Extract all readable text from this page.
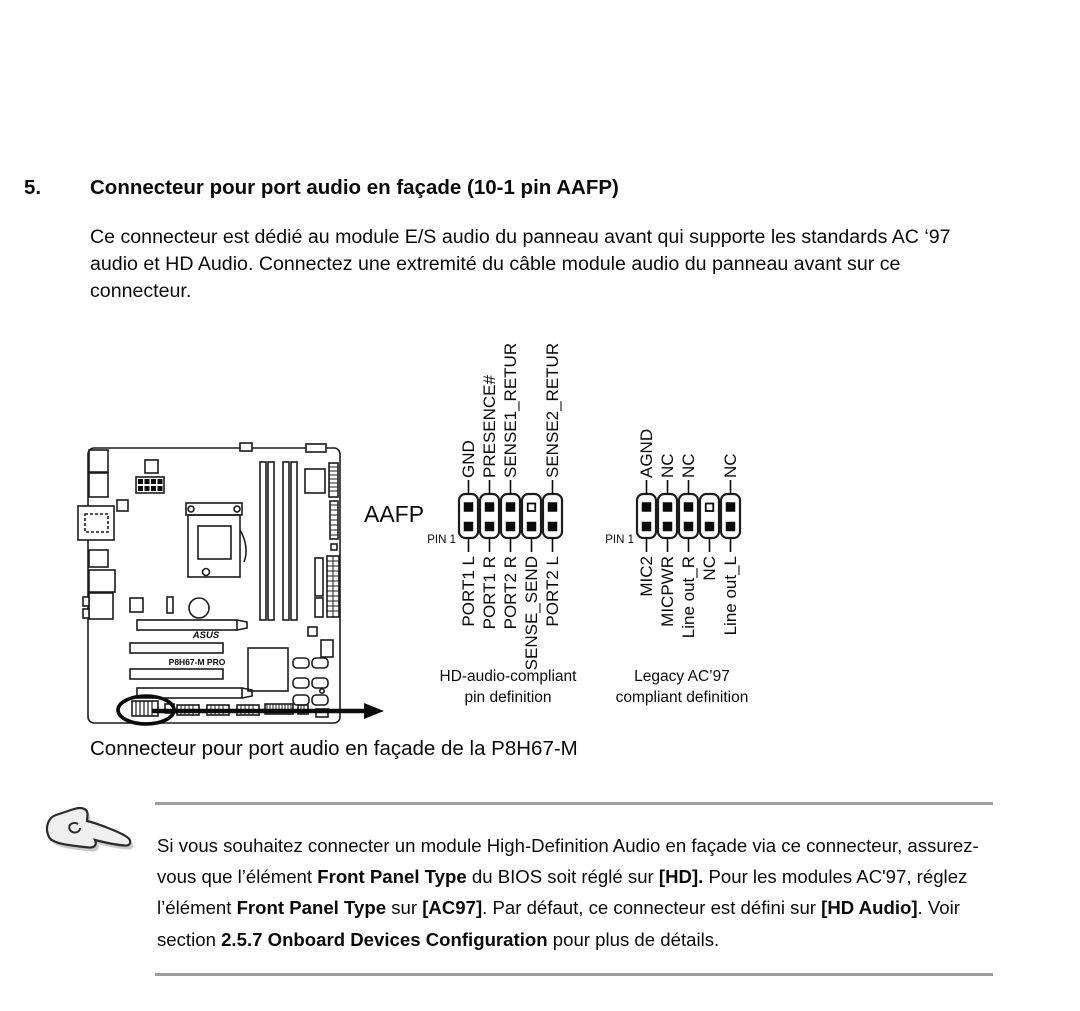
5. Connecteur pour port audio en façade (10-1 pin AAFP)

Ce connecteur est dédié au module E/S audio du panneau avant qui supporte les standards AC ‘97 audio et HD Audio. Connectez une extremité du câble module audio du panneau avant sur ce connecteur.

ASUS
P8H67-M PRO
AAFP
GND PRESENCE# SENSE1_RETUR SENSE2_RETUR
PORT1 L PORT1 R PORT2 R SENSE_SEND PORT2 L
PIN 1
HD-audio-compliant
pin definition
AGND NC NC NC
MIC2 MICPWR Line out_R NC Line out_L
PIN 1
Legacy AC’97
compliant definition
Connecteur pour port audio en façade de la P8H67-M

Si vous souhaitez connecter un module High-Definition Audio en façade via ce connecteur, assurez-vous que l’élément Front Panel Type du BIOS soit réglé sur [HD]. Pour les modules AC'97, réglez l’élément Front Panel Type sur [AC97]. Par défaut, ce connecteur est défini sur [HD Audio]. Voir section 2.5.7 Onboard Devices Configuration pour plus de détails.
